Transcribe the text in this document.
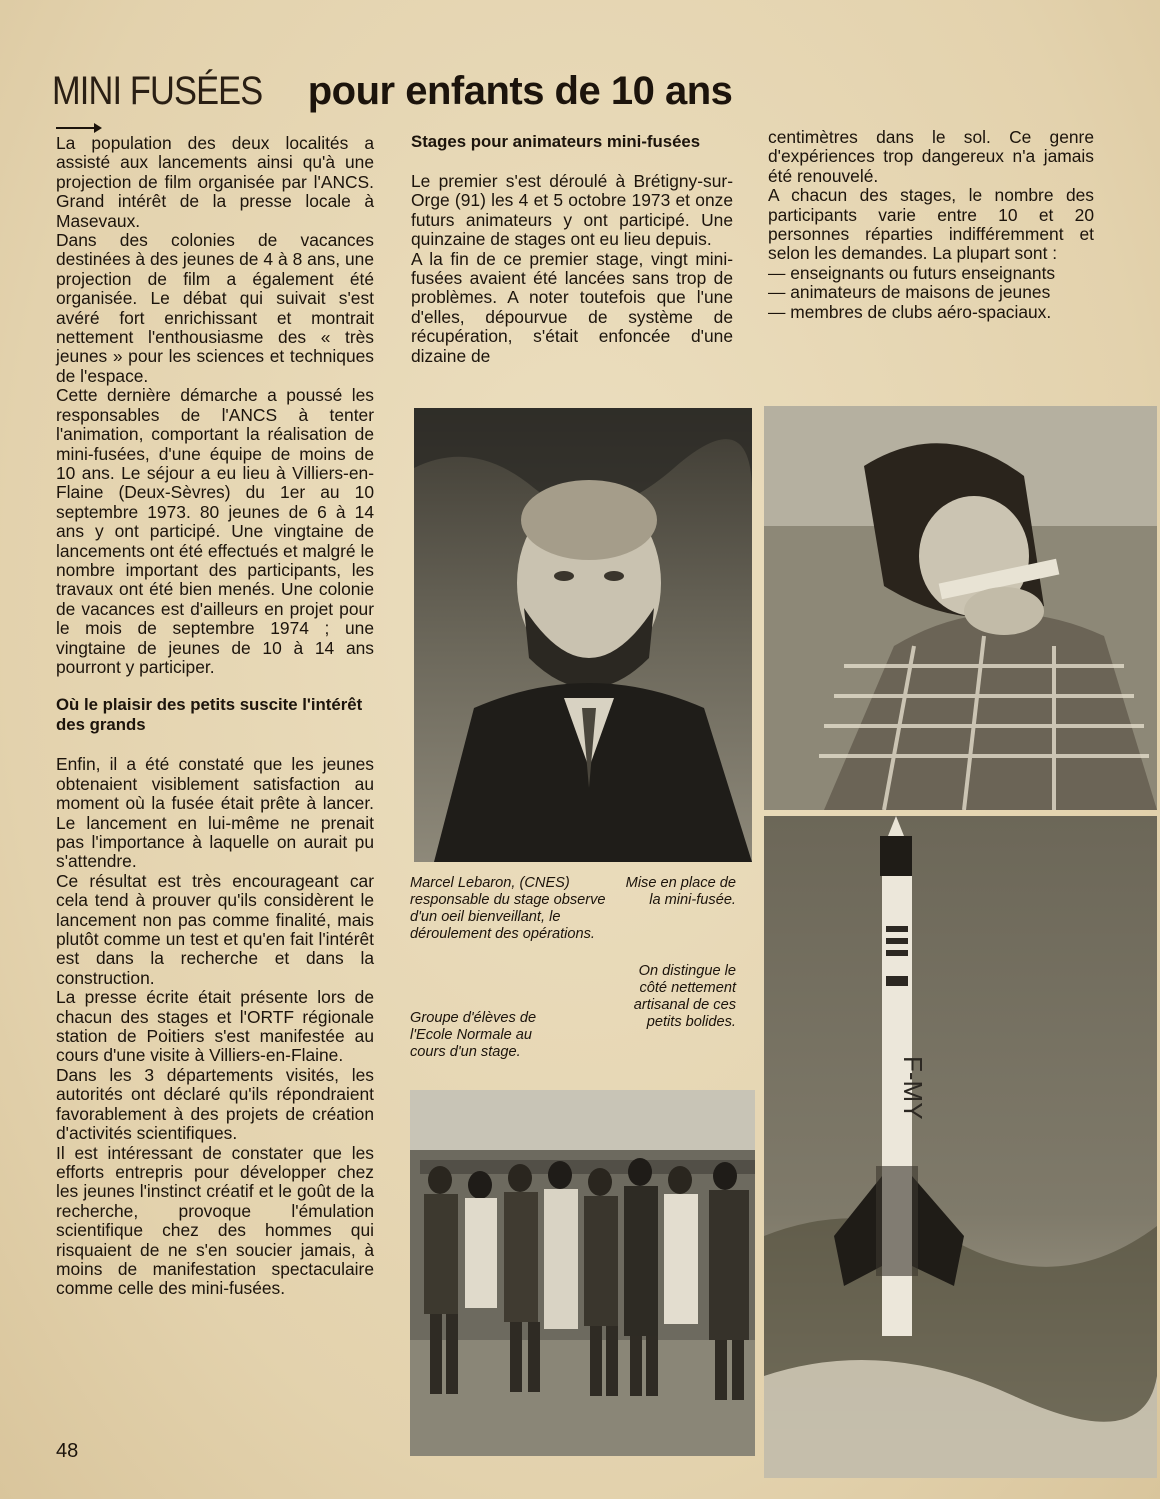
MINI FUSÉES pour enfants de 10 ans

La population des deux localités a assisté aux lancements ainsi qu'à une projection de film organisée par l'ANCS. Grand intérêt de la presse locale à Masevaux.

Dans des colonies de vacances destinées à des jeunes de 4 à 8 ans, une projection de film a également été organisée. Le débat qui suivait s'est avéré fort enrichissant et montrait nettement l'enthousiasme des « très jeunes » pour les sciences et techniques de l'espace.

Cette dernière démarche a poussé les responsables de l'ANCS à tenter l'animation, comportant la réalisation de mini-fusées, d'une équipe de moins de 10 ans. Le séjour a eu lieu à Villiers-en-Flaine (Deux-Sèvres) du 1er au 10 septembre 1973. 80 jeunes de 6 à 14 ans y ont participé. Une vingtaine de lancements ont été effectués et malgré le nombre important des participants, les travaux ont été bien menés. Une colonie de vacances est d'ailleurs en projet pour le mois de septembre 1974 ; une vingtaine de jeunes de 10 à 14 ans pourront y participer.

Où le plaisir des petits suscite l'intérêt des grands

Enfin, il a été constaté que les jeunes obtenaient visiblement satisfaction au moment où la fusée était prête à lancer. Le lancement en lui-même ne prenait pas l'importance à laquelle on aurait pu s'attendre.

Ce résultat est très encourageant car cela tend à prouver qu'ils considèrent le lancement non pas comme finalité, mais plutôt comme un test et qu'en fait l'intérêt est dans la recherche et dans la construction.

La presse écrite était présente lors de chacun des stages et l'ORTF régionale station de Poitiers s'est manifestée au cours d'une visite à Villiers-en-Flaine.

Dans les 3 départements visités, les autorités ont déclaré qu'ils répondraient favorablement à des projets de création d'activités scientifiques.

Il est intéressant de constater que les efforts entrepris pour développer chez les jeunes l'instinct créatif et le goût de la recherche, provoque l'émulation scientifique chez des hommes qui risquaient de ne s'en soucier jamais, à moins de manifestation spectaculaire comme celle des mini-fusées.

Stages pour animateurs mini-fusées

Le premier s'est déroulé à Brétigny-sur-Orge (91) les 4 et 5 octobre 1973 et onze futurs animateurs y ont participé. Une quinzaine de stages ont eu lieu depuis.

A la fin de ce premier stage, vingt mini-fusées avaient été lancées sans trop de problèmes. A noter toutefois que l'une d'elles, dépourvue de système de récupération, s'était enfoncée d'une dizaine de

centimètres dans le sol. Ce genre d'expériences trop dangereux n'a jamais été renouvelé.

A chacun des stages, le nombre des participants varie entre 10 et 20 personnes réparties indifféremment et selon les demandes. La plupart sont :

— enseignants ou futurs enseignants

— animateurs de maisons de jeunes

— membres de clubs aéro-spaciaux.

F-MY
Marcel Lebaron, (CNES) responsable du stage observe d'un oeil bienveillant, le déroulement des opérations.
Mise en place de la mini-fusée.
On distingue le côté nettement artisanal de ces petits bolides.
Groupe d'élèves de l'Ecole Normale au cours d'un stage.
48
